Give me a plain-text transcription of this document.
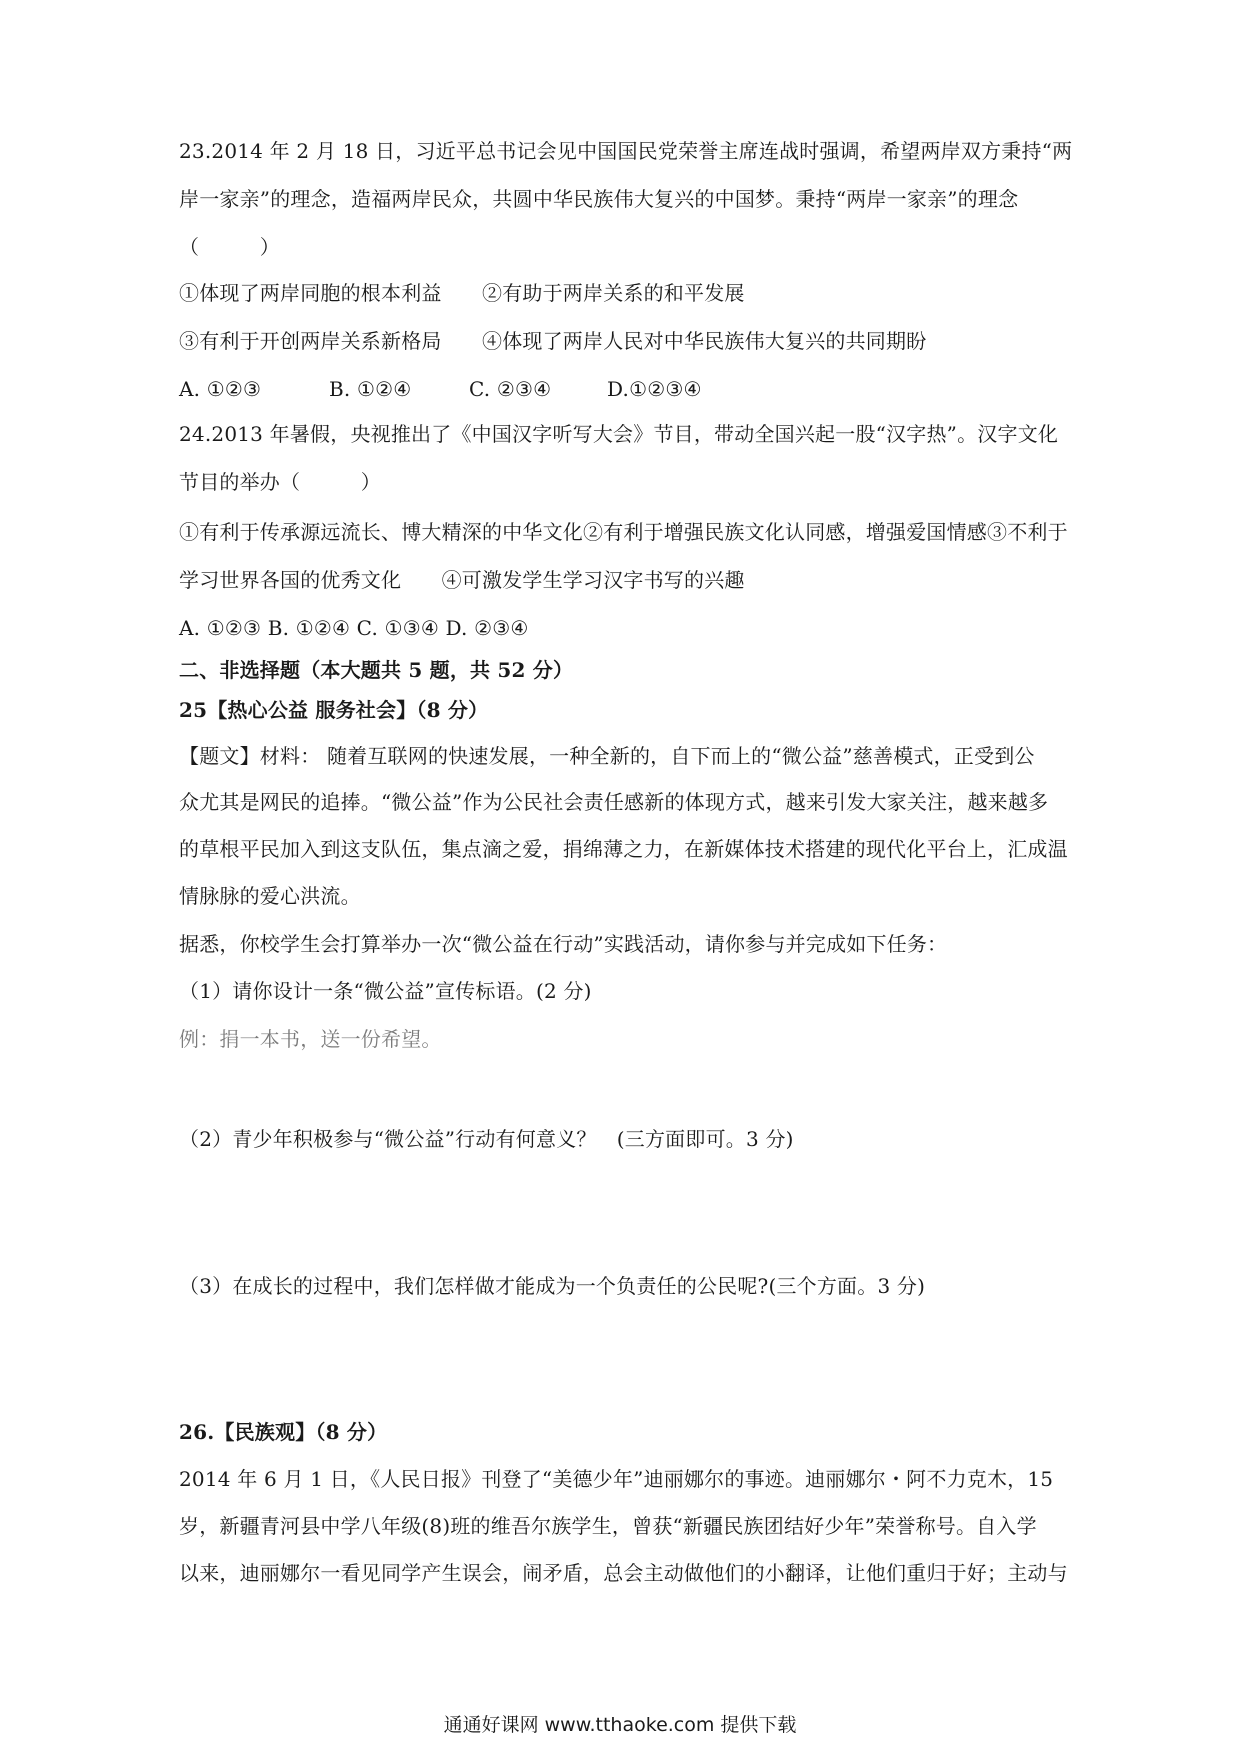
23.2014 年 2 月 18 日，习近平总书记会见中国国民党荣誉主席连战时强调，希望两岸双方秉持“两
岸一家亲”的理念，造福两岸民众，共圆中华民族伟大复兴的中国梦。秉持“两岸一家亲”的理念
（　　　）
①体现了两岸同胞的根本利益　　②有助于两岸关系的和平发展
③有利于开创两岸关系新格局　　④体现了两岸人民对中华民族伟大复兴的共同期盼
A. ①②③	B. ①②④	C. ②③④	D.①②③④
24.2013 年暑假，央视推出了《中国汉字听写大会》节目，带动全国兴起一股“汉字热”。汉字文化
节目的举办（　　　）
①有利于传承源远流长、博大精深的中华文化②有利于增强民族文化认同感，增强爱国情感③不利于
学习世界各国的优秀文化　　④可激发学生学习汉字书写的兴趣
A. ①②③ B. ①②④ C. ①③④ D. ②③④
二、非选择题（本大题共 5 题，共 52 分）
25【热心公益 服务社会】（8 分）
【题文】材料： 随着互联网的快速发展，一种全新的，自下而上的“微公益”慈善模式，正受到公
众尤其是网民的追捧。“微公益”作为公民社会责任感新的体现方式，越来引发大家关注，越来越多
的草根平民加入到这支队伍，集点滴之爱，捐绵薄之力，在新媒体技术搭建的现代化平台上，汇成温
情脉脉的爱心洪流。
据悉，你校学生会打算举办一次“微公益在行动”实践活动，请你参与并完成如下任务：
（1）请你设计一条“微公益”宣传标语。(2 分)
例：捐一本书，送一份希望。
（2）青少年积极参与“微公益”行动有何意义？　(三方面即可。3 分)
（3）在成长的过程中，我们怎样做才能成为一个负责任的公民呢?(三个方面。3 分)
26.【民族观】（8 分）
2014 年 6 月 1 日，《人民日报》刊登了“美德少年”迪丽娜尔的事迹。迪丽娜尔・阿不力克木，15
岁，新疆青河县中学八年级(8)班的维吾尔族学生，曾获“新疆民族团结好少年”荣誉称号。自入学
以来，迪丽娜尔一看见同学产生误会，闹矛盾，总会主动做他们的小翻译，让他们重归于好；主动与
通通好课网 www.tthaoke.com 提供下载
